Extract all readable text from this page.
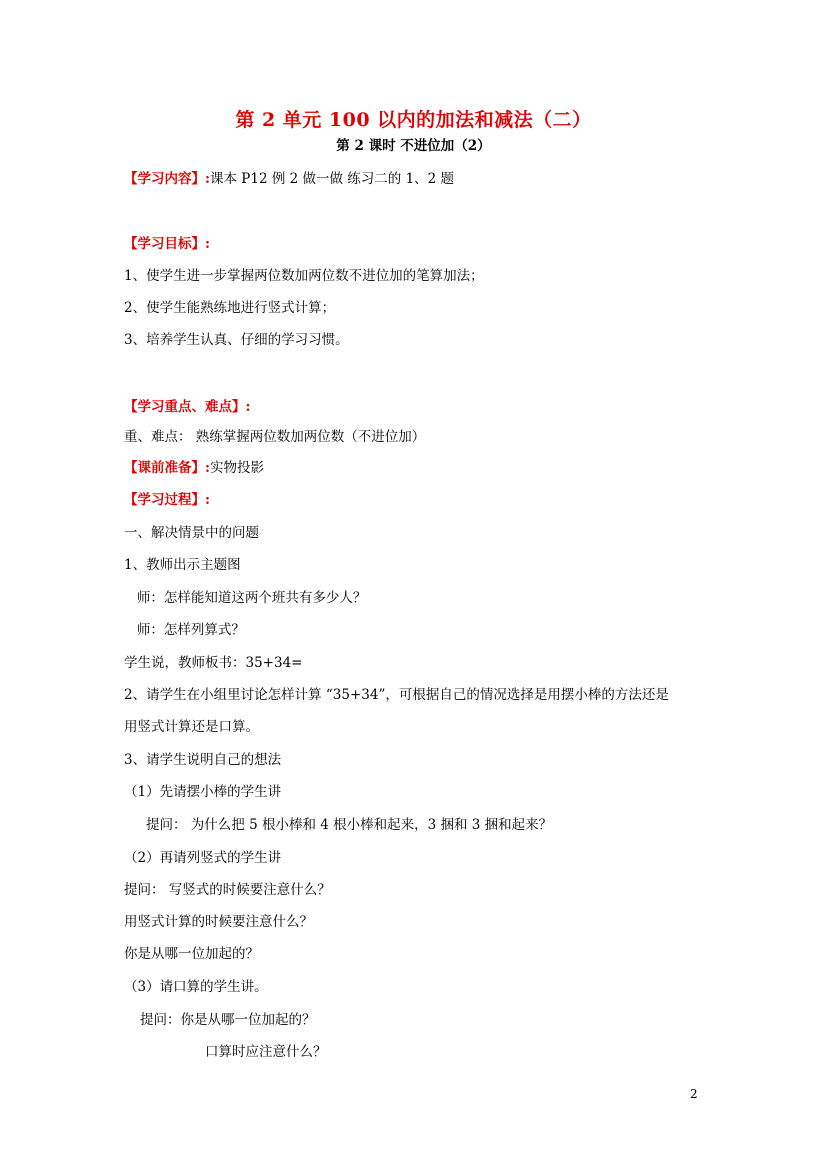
第 2 单元 100 以内的加法和减法（二）
第 2 课时 不进位加（2）
【学习内容】:课本 P12 例 2 做一做 练习二的 1、2 题
【学习目标】:
1、使学生进一步掌握两位数加两位数不进位加的笔算加法；
2、使学生能熟练地进行竖式计算；
3、培养学生认真、仔细的学习习惯。
【学习重点、难点】:
重、难点： 熟练掌握两位数加两位数（不进位加）
【课前准备】:实物投影
【学习过程】:
一、解决情景中的问题
1、教师出示主题图
师：怎样能知道这两个班共有多少人？
师：怎样列算式？
学生说，教师板书：35+34=
2、请学生在小组里讨论怎样计算 “35+34”，可根据自己的情况选择是用摆小棒的方法还是
用竖式计算还是口算。
3、请学生说明自己的想法
（1）先请摆小棒的学生讲
提问： 为什么把 5 根小棒和 4 根小棒和起来，3 捆和 3 捆和起来？
（2）再请列竖式的学生讲
提问： 写竖式的时候要注意什么？
用竖式计算的时候要注意什么？
你是从哪一位加起的？
（3）请口算的学生讲。
提问：你是从哪一位加起的？
口算时应注意什么？
2
